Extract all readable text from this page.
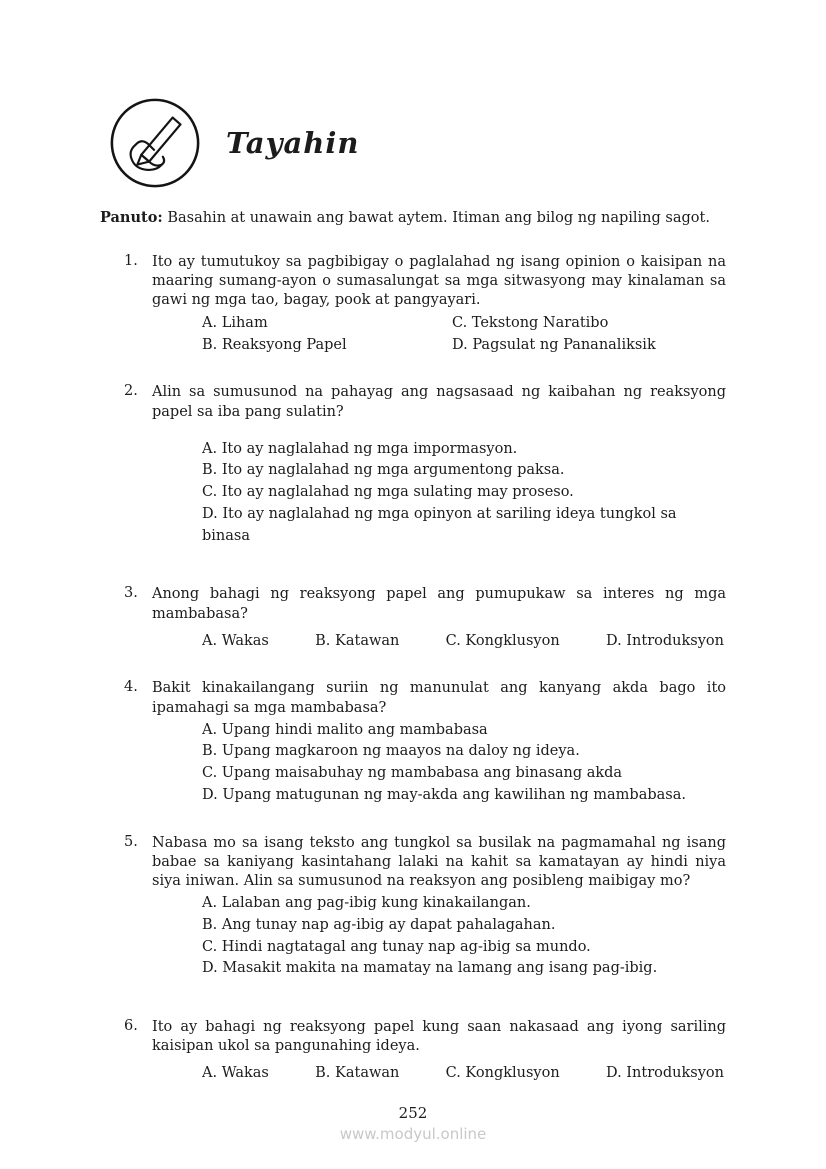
Tayahin

Panuto: Basahin at unawain ang bawat aytem. Itiman ang bilog ng napiling sagot.

1. Ito ay tumutukoy sa pagbibigay o paglalahad ng isang opinion o kaisipan na maaring sumang-ayon o sumasalungat sa mga sitwasyong may kinalaman sa gawi ng mga tao, bagay, pook at pangyayari.

A. Liham	C. Tekstong Naratibo
B. Reaksyong Papel	D. Pagsulat ng Pananaliksik
2. Alin sa sumusunod na pahayag ang nagsasaad ng kaibahan ng reaksyong papel sa iba pang sulatin?

A. Ito ay naglalahad ng mga impormasyon.
B. Ito ay naglalahad ng mga argumentong paksa.
C. Ito ay naglalahad ng mga sulating may proseso.
D. Ito ay naglalahad ng mga opinyon at sariling ideya tungkol sa binasa
3. Anong bahagi ng reaksyong papel ang pumupukaw sa interes ng mga mambabasa?

A. Wakas	B. Katawan	C. Kongklusyon	D. Introduksyon
4. Bakit kinakailangang suriin ng manunulat ang kanyang akda bago ito ipamahagi sa mga mambabasa?

A. Upang hindi malito ang mambabasa
B. Upang magkaroon ng maayos na daloy ng ideya.
C. Upang maisabuhay ng mambabasa ang binasang akda
D. Upang matugunan ng may-akda ang kawilihan ng mambabasa.
5. Nabasa mo sa isang teksto ang tungkol sa busilak na pagmamahal ng isang babae sa kaniyang kasintahang lalaki na kahit sa kamatayan ay hindi niya siya iniwan. Alin sa sumusunod na reaksyon ang posibleng maibigay mo?

A. Lalaban ang pag-ibig kung kinakailangan.
B. Ang tunay nap ag-ibig ay dapat pahalagahan.
C. Hindi nagtatagal ang tunay nap ag-ibig sa mundo.
D. Masakit makita na mamatay na lamang ang isang pag-ibig.
6. Ito ay bahagi ng reaksyong papel kung saan nakasaad ang iyong sariling kaisipan ukol sa pangunahing ideya.

A. Wakas	B. Katawan	C. Kongklusyon	D. Introduksyon
252
www.modyul.online
